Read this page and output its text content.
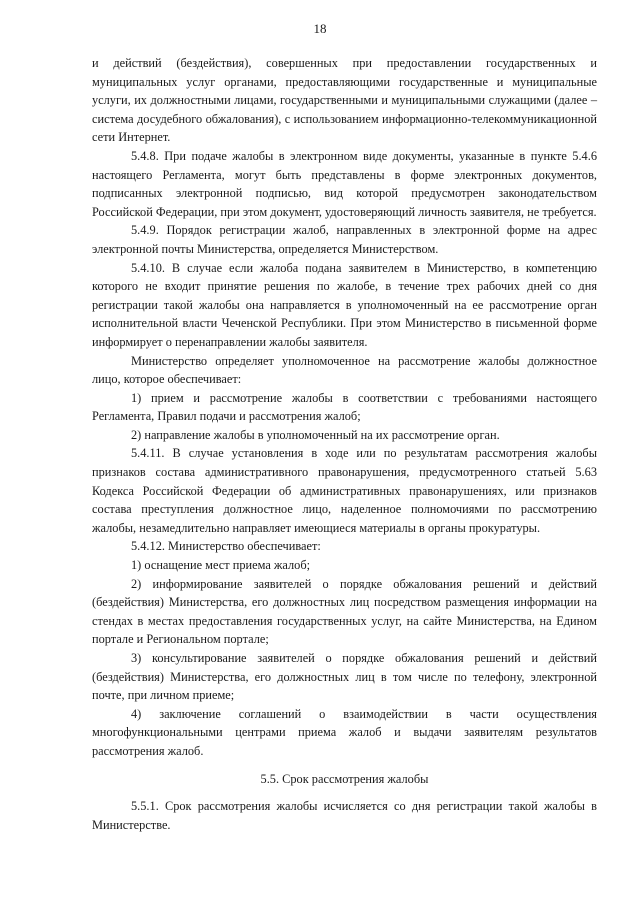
18

и действий (бездействия), совершенных при предоставлении государственных и муниципальных услуг органами, предоставляющими государственные и муниципальные услуги, их должностными лицами, государственными и муниципальными служащими (далее – система досудебного обжалования), с использованием информационно-телекоммуникационной сети Интернет.

5.4.8. При подаче жалобы в электронном виде документы, указанные в пункте 5.4.6 настоящего Регламента, могут быть представлены в форме электронных документов, подписанных электронной подписью, вид которой предусмотрен законодательством Российской Федерации, при этом документ, удостоверяющий личность заявителя, не требуется.

5.4.9. Порядок регистрации жалоб, направленных в электронной форме на адрес электронной почты Министерства, определяется Министерством.

5.4.10. В случае если жалоба подана заявителем в Министерство, в компетенцию которого не входит принятие решения по жалобе, в течение трех рабочих дней со дня регистрации такой жалобы она направляется в уполномоченный на ее рассмотрение орган исполнительной власти Чеченской Республики. При этом Министерство в письменной форме информирует о перенаправлении жалобы заявителя.

Министерство определяет уполномоченное на рассмотрение жалобы должностное лицо, которое обеспечивает:

1) прием и рассмотрение жалобы в соответствии с требованиями настоящего Регламента, Правил подачи и рассмотрения жалоб;

2) направление жалобы в уполномоченный на их рассмотрение орган.

5.4.11. В случае установления в ходе или по результатам рассмотрения жалобы признаков состава административного правонарушения, предусмотренного статьей 5.63 Кодекса Российской Федерации об административных правонарушениях, или признаков состава преступления должностное лицо, наделенное полномочиями по рассмотрению жалобы, незамедлительно направляет имеющиеся материалы в органы прокуратуры.

5.4.12. Министерство обеспечивает:

1) оснащение мест приема жалоб;

2) информирование заявителей о порядке обжалования решений и действий (бездействия) Министерства, его должностных лиц посредством размещения информации на стендах в местах предоставления государственных услуг, на сайте Министерства, на Едином портале и Региональном портале;

3) консультирование заявителей о порядке обжалования решений и действий (бездействия) Министерства, его должностных лиц в том числе по телефону, электронной почте, при личном приеме;

4) заключение соглашений о взаимодействии в части осуществления многофункциональными центрами приема жалоб и выдачи заявителям результатов рассмотрения жалоб.

5.5. Срок рассмотрения жалобы

5.5.1. Срок рассмотрения жалобы исчисляется со дня регистрации такой жалобы в Министерстве.
